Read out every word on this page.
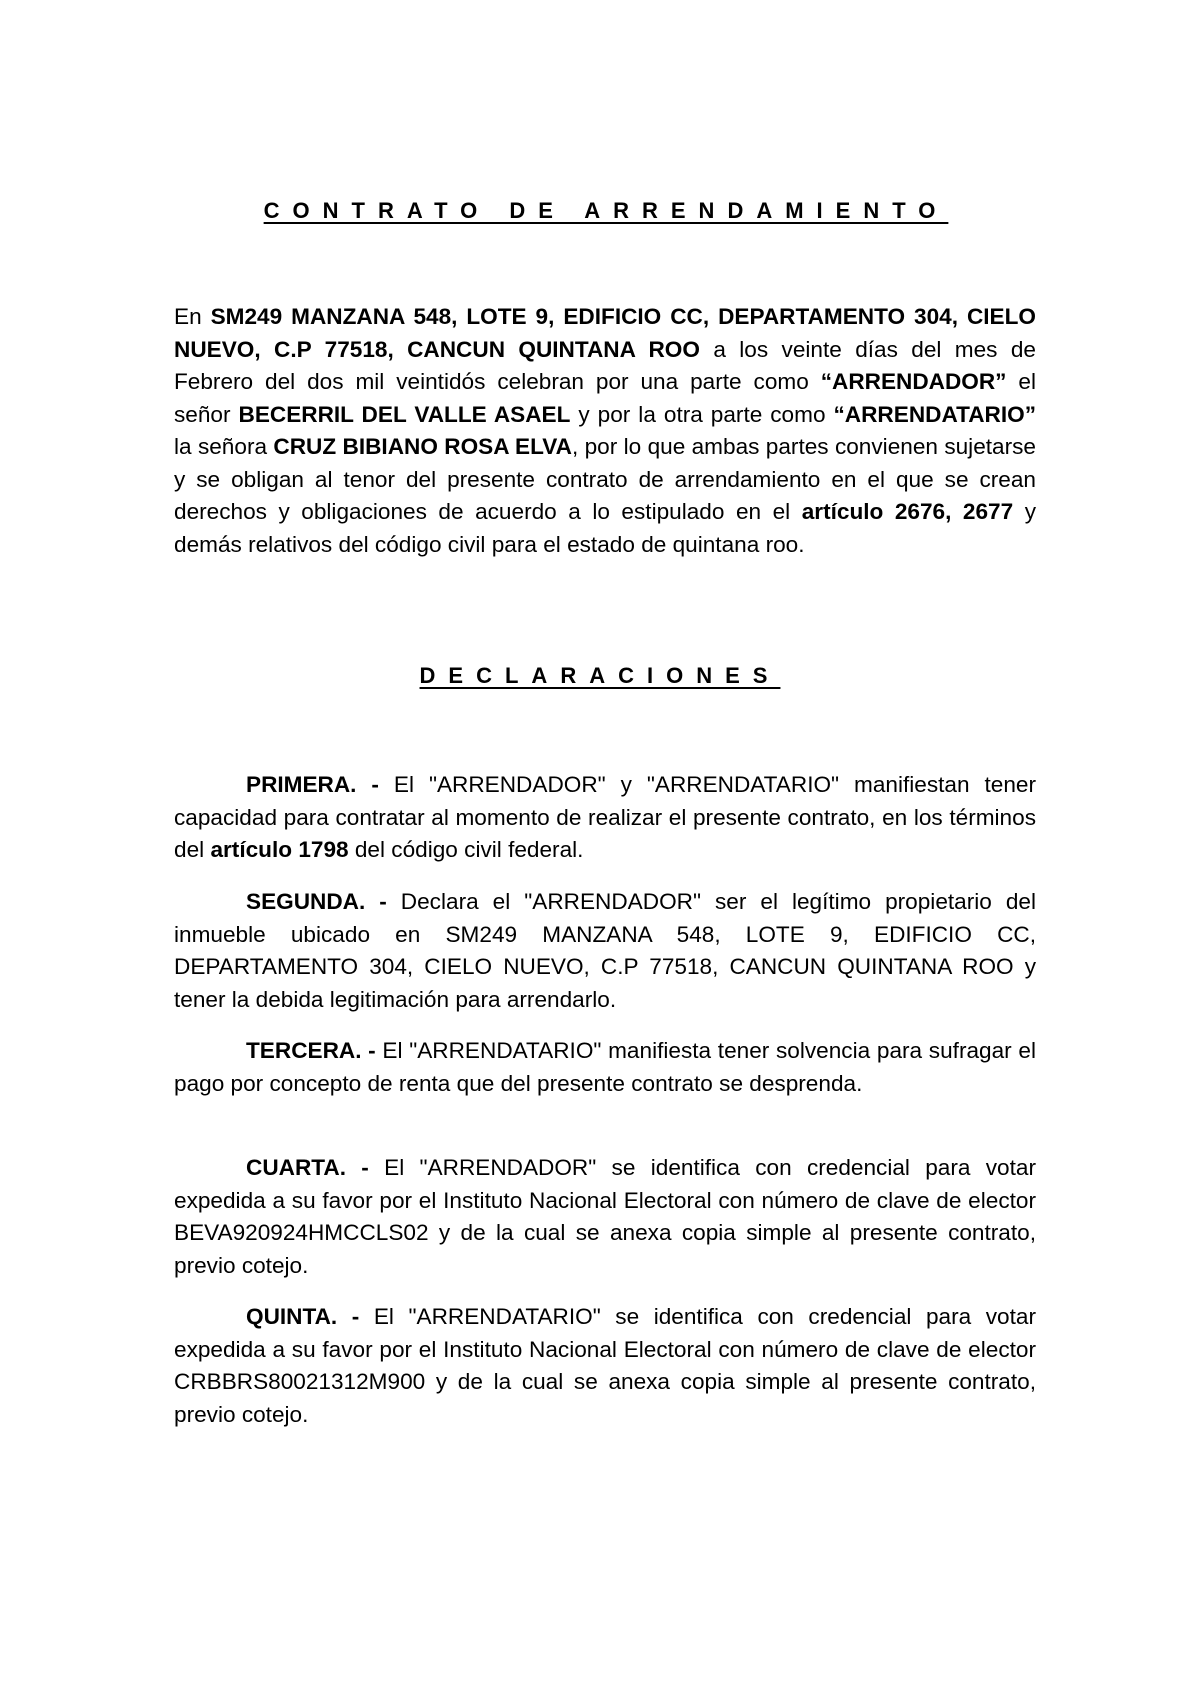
CONTRATO DE ARRENDAMIENTO

En SM249 MANZANA 548, LOTE 9, EDIFICIO CC, DEPARTAMENTO 304, CIELO NUEVO, C.P 77518, CANCUN QUINTANA ROO a los veinte días del mes de Febrero del dos mil veintidós celebran por una parte como “ARRENDADOR” el señor BECERRIL DEL VALLE ASAEL y por la otra parte como “ARRENDATARIO” la señora CRUZ BIBIANO ROSA ELVA, por lo que ambas partes convienen sujetarse y se obligan al tenor del presente contrato de arrendamiento en el que se crean derechos y obligaciones de acuerdo a lo estipulado en el artículo 2676, 2677 y demás relativos del código civil para el estado de quintana roo.

DECLARACIONES

PRIMERA. - El "ARRENDADOR" y "ARRENDATARIO" manifiestan tener capacidad para contratar al momento de realizar el presente contrato, en los términos del artículo 1798 del código civil federal.

SEGUNDA. - Declara el "ARRENDADOR" ser el legítimo propietario del inmueble ubicado en SM249 MANZANA 548, LOTE 9, EDIFICIO CC, DEPARTAMENTO 304, CIELO NUEVO, C.P 77518, CANCUN QUINTANA ROO y tener la debida legitimación para arrendarlo.

TERCERA. - El "ARRENDATARIO" manifiesta tener solvencia para sufragar el pago por concepto de renta que del presente contrato se desprenda.

CUARTA. - El "ARRENDADOR" se identifica con credencial para votar expedida a su favor por el Instituto Nacional Electoral con número de clave de elector BEVA920924HMCCLS02 y de la cual se anexa copia simple al presente contrato, previo cotejo.

QUINTA. - El "ARRENDATARIO" se identifica con credencial para votar expedida a su favor por el Instituto Nacional Electoral con número de clave de elector CRBBRS80021312M900 y de la cual se anexa copia simple al presente contrato, previo cotejo.
